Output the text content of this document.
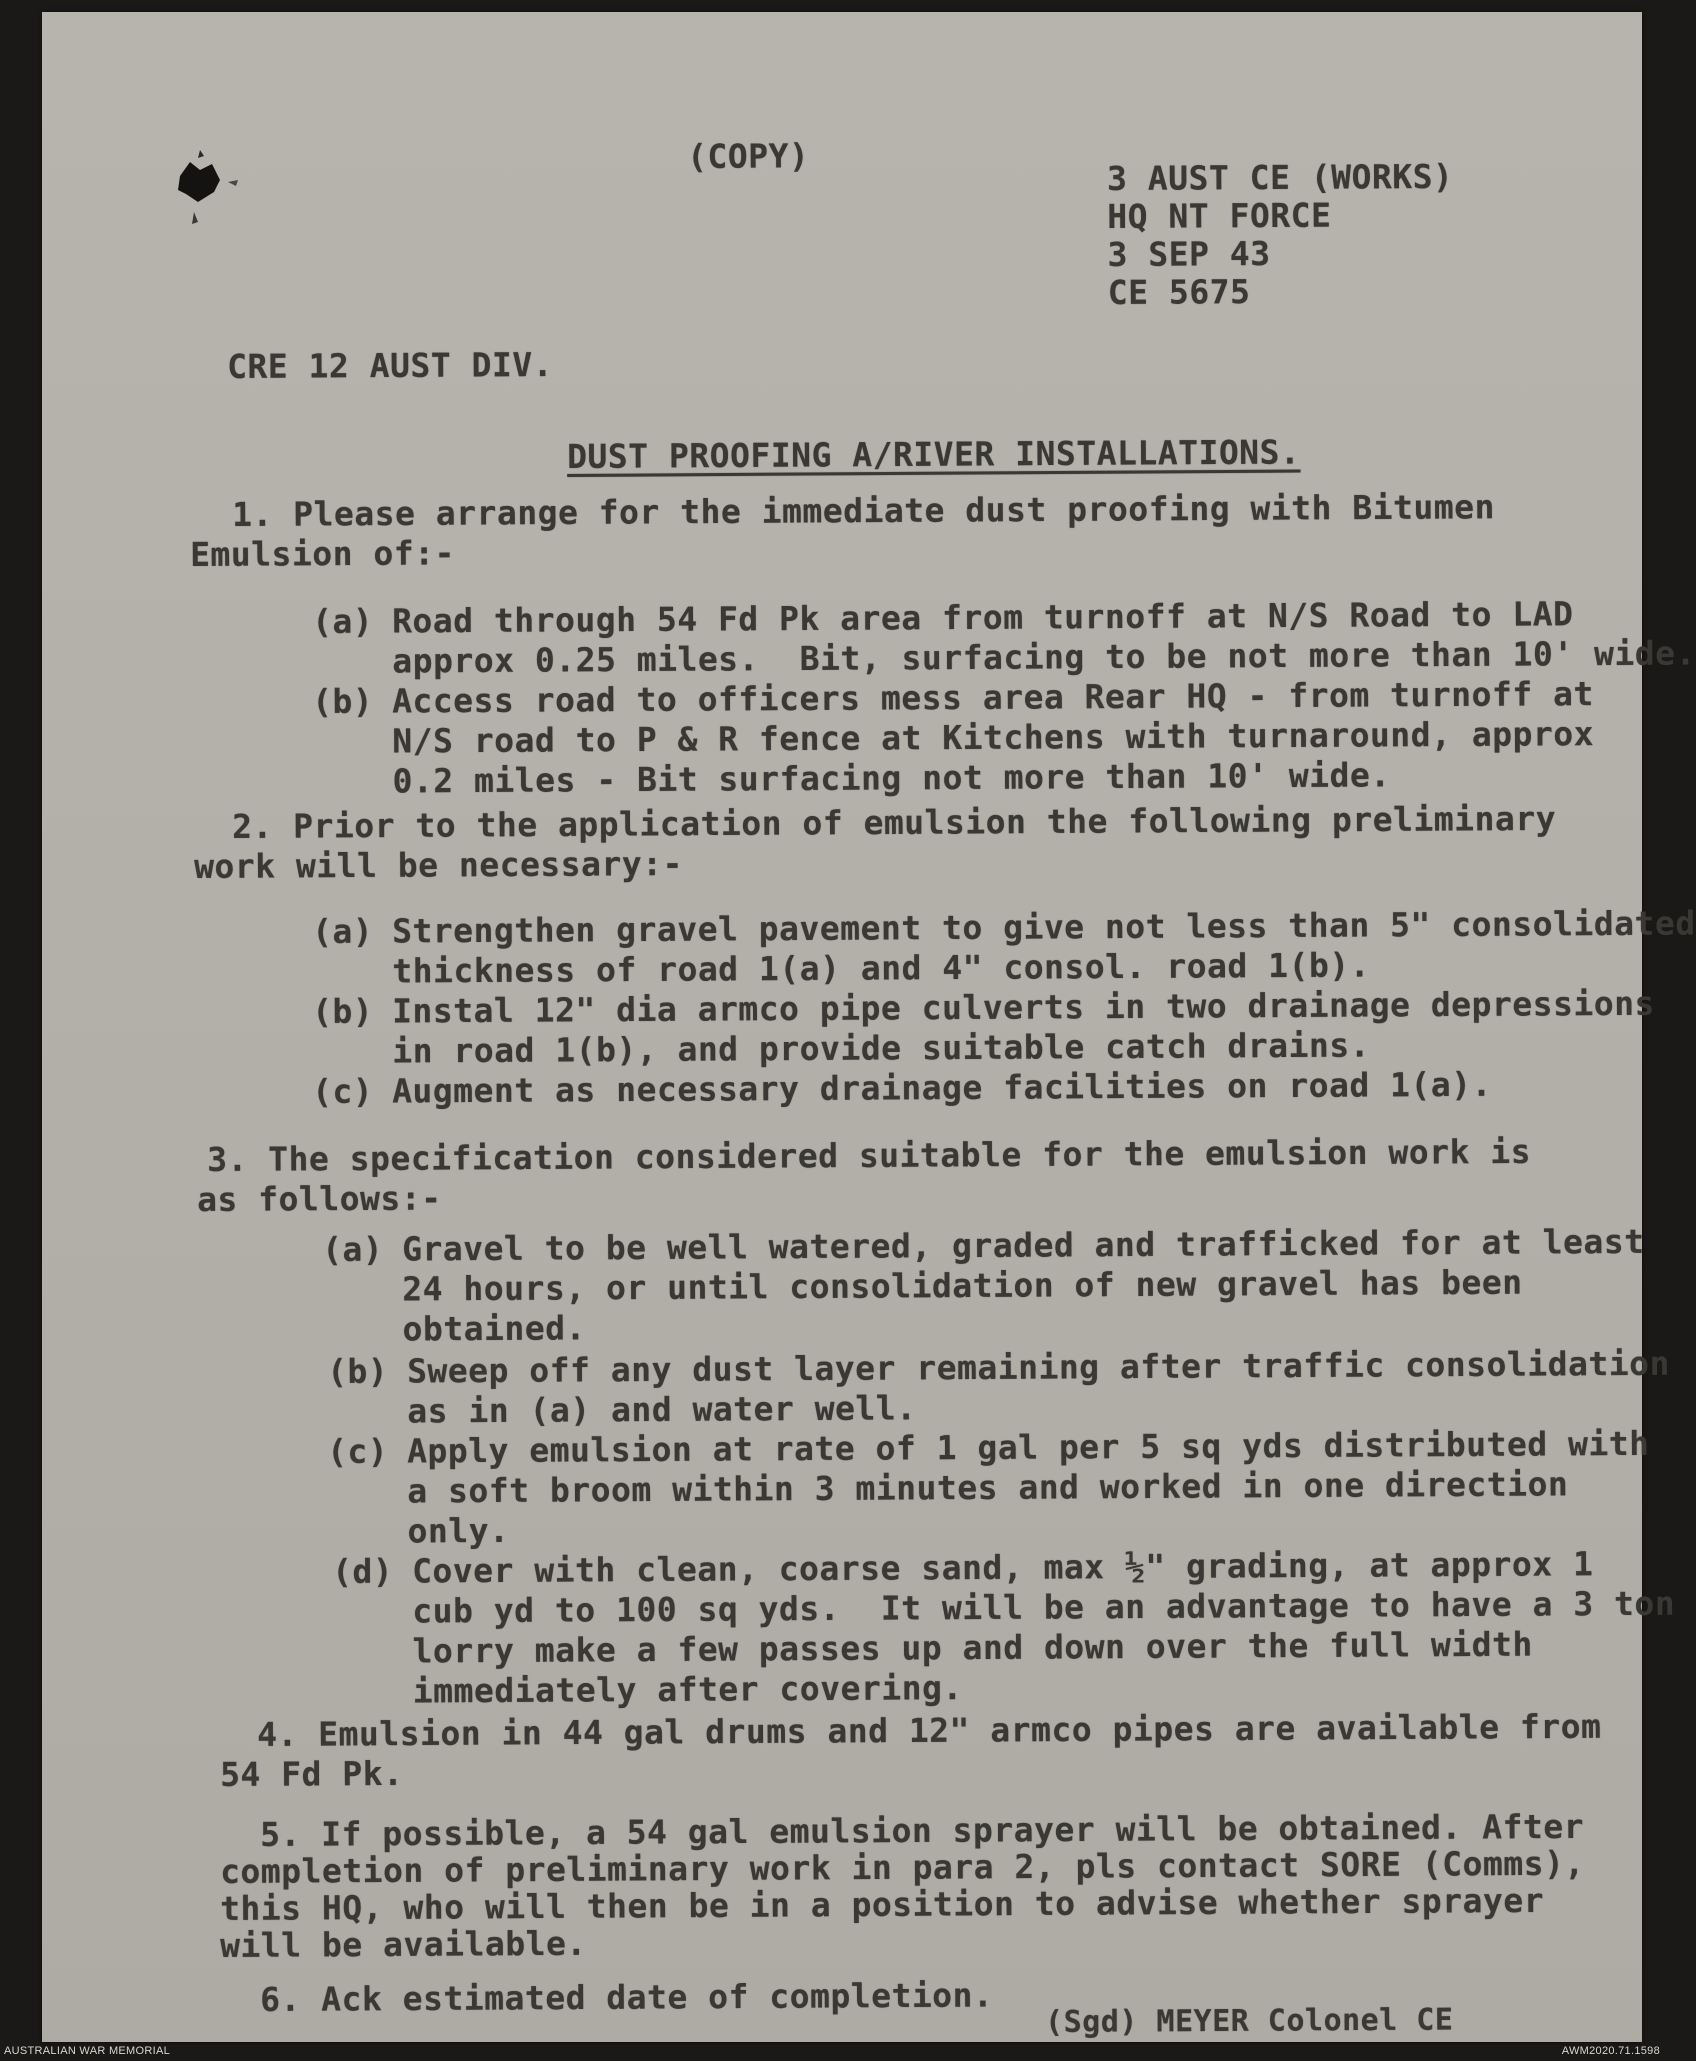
(COPY)
3 AUST CE (WORKS)
HQ NT FORCE
3 SEP 43
CE 5675
CRE 12 AUST DIV.
DUST PROOFING A/RIVER INSTALLATIONS.
1. Please arrange for the immediate dust proofing with Bitumen
Emulsion of:-
(a) Road through 54 Fd Pk area from turnoff at N/S Road to LAD
approx 0.25 miles.  Bit, surfacing to be not more than 10' wide.
(b) Access road to officers mess area Rear HQ - from turnoff at
N/S road to P & R fence at Kitchens with turnaround, approx
0.2 miles - Bit surfacing not more than 10' wide.
2. Prior to the application of emulsion the following preliminary
work will be necessary:-
(a) Strengthen gravel pavement to give not less than 5" consolidated
thickness of road 1(a) and 4" consol. road 1(b).
(b) Instal 12" dia armco pipe culverts in two drainage depressions
in road 1(b), and provide suitable catch drains.
(c) Augment as necessary drainage facilities on road 1(a).
3. The specification considered suitable for the emulsion work is
as follows:-
(a) Gravel to be well watered, graded and trafficked for at least
24 hours, or until consolidation of new gravel has been
obtained.
(b) Sweep off any dust layer remaining after traffic consolidation
as in (a) and water well.
(c) Apply emulsion at rate of 1 gal per 5 sq yds distributed with
a soft broom within 3 minutes and worked in one direction
only.
(d) Cover with clean, coarse sand, max ½" grading, at approx 1
cub yd to 100 sq yds.  It will be an advantage to have a 3 ton
lorry make a few passes up and down over the full width
immediately after covering.
4. Emulsion in 44 gal drums and 12" armco pipes are available from
54 Fd Pk.
5. If possible, a 54 gal emulsion sprayer will be obtained. After
completion of preliminary work in para 2, pls contact SORE (Comms),
this HQ, who will then be in a position to advise whether sprayer
will be available.
6. Ack estimated date of completion.
(Sgd) MEYER Colonel CE
AUSTRALIAN WAR MEMORIAL	AWM2020.71.1598
